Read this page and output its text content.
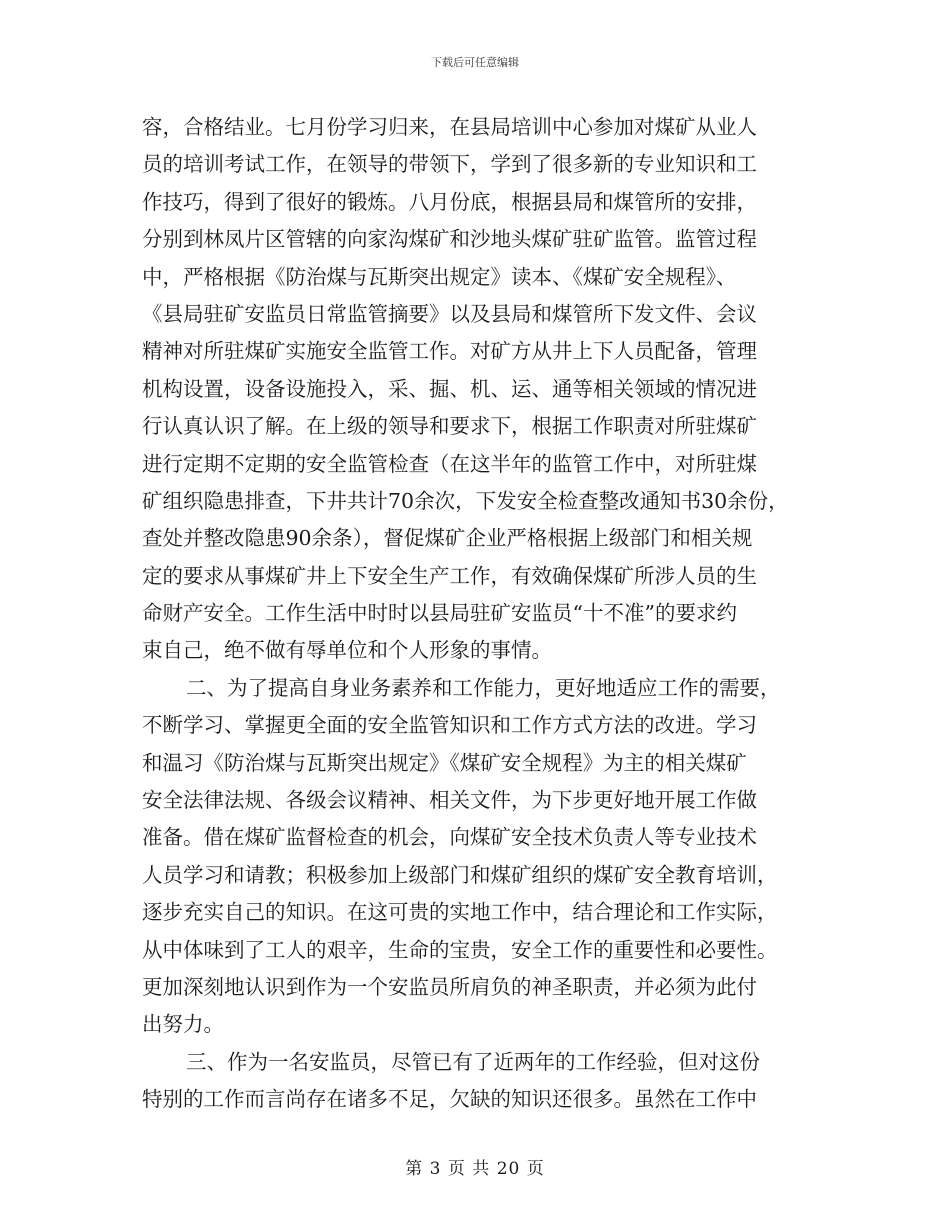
下载后可任意编辑
容，合格结业。七月份学习归来，在县局培训中心参加对煤矿从业人
员的培训考试工作，在领导的带领下，学到了很多新的专业知识和工
作技巧，得到了很好的锻炼。八月份底，根据县局和煤管所的安排，
分别到林凤片区管辖的向家沟煤矿和沙地头煤矿驻矿监管。监管过程
中，严格根据《防治煤与瓦斯突出规定》读本、《煤矿安全规程》、
《县局驻矿安监员日常监管摘要》以及县局和煤管所下发文件、会议
精神对所驻煤矿实施安全监管工作。对矿方从井上下人员配备，管理
机构设置，设备设施投入，采、掘、机、运、通等相关领域的情况进
行认真认识了解。在上级的领导和要求下，根据工作职责对所驻煤矿
进行定期不定期的安全监管检查（在这半年的监管工作中，对所驻煤
矿组织隐患排查，下井共计70余次，下发安全检查整改通知书30余份，
查处并整改隐患90余条），督促煤矿企业严格根据上级部门和相关规
定的要求从事煤矿井上下安全生产工作，有效确保煤矿所涉人员的生
命财产安全。工作生活中时时以县局驻矿安监员“十不准”的要求约
束自己，绝不做有辱单位和个人形象的事情。
二、为了提高自身业务素养和工作能力，更好地适应工作的需要，
不断学习、掌握更全面的安全监管知识和工作方式方法的改进。学习
和温习《防治煤与瓦斯突出规定》《煤矿安全规程》为主的相关煤矿
安全法律法规、各级会议精神、相关文件，为下步更好地开展工作做
准备。借在煤矿监督检查的机会，向煤矿安全技术负责人等专业技术
人员学习和请教；积极参加上级部门和煤矿组织的煤矿安全教育培训，
逐步充实自己的知识。在这可贵的实地工作中，结合理论和工作实际，
从中体味到了工人的艰辛，生命的宝贵，安全工作的重要性和必要性。
更加深刻地认识到作为一个安监员所肩负的神圣职责，并必须为此付
出努力。
三、作为一名安监员，尽管已有了近两年的工作经验，但对这份
特别的工作而言尚存在诸多不足，欠缺的知识还很多。虽然在工作中
第 3 页 共 20 页
